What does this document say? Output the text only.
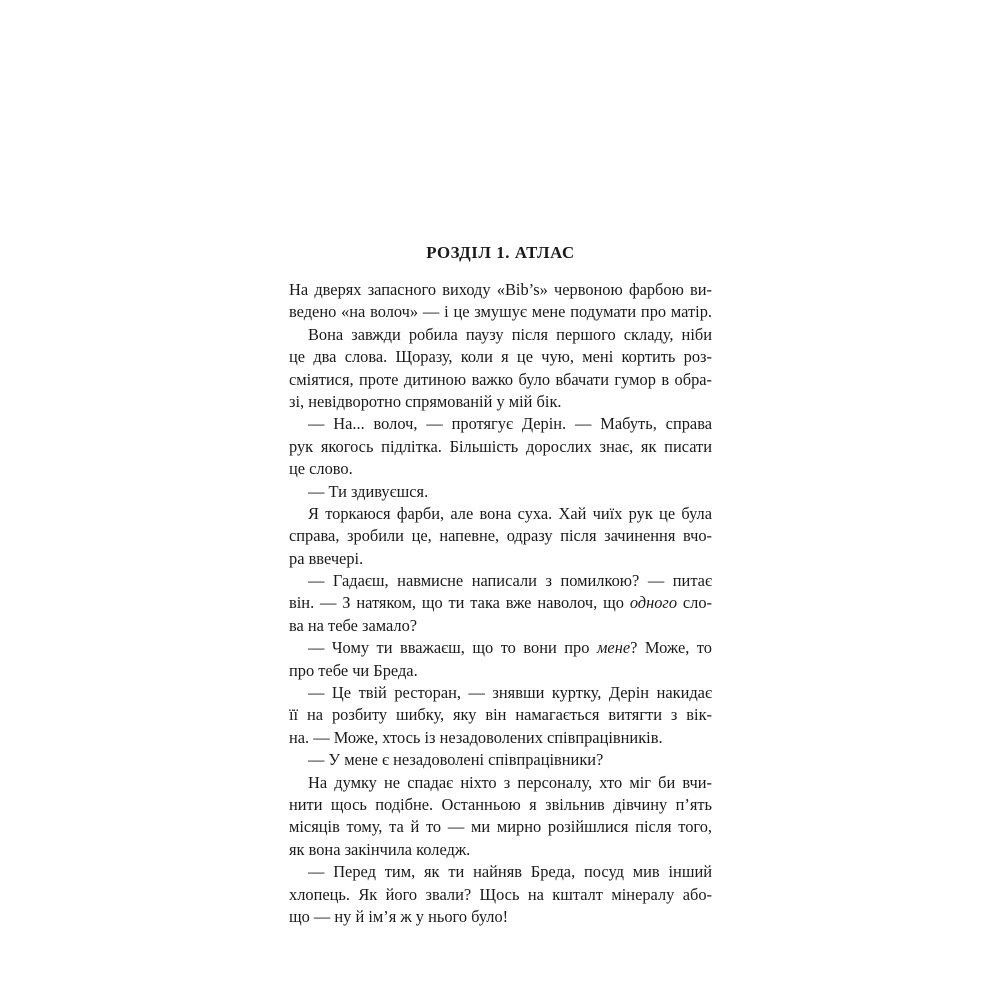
РОЗДІЛ 1. АТЛАС
На дверях запасного виходу «Bib’s» червоною фарбою ви-
ведено «на волоч» — і це змушує мене подумати про матір.
Вона завжди робила паузу після першого складу, ніби
це два слова. Щоразу, коли я це чую, мені кортить роз-
сміятися, проте дитиною важко було вбачати гумор в обра-
зі, невідворотно спрямованій у мій бік.
— На... волоч, — протягує Дерін. — Мабуть, справа
рук якогось підлітка. Більшість дорослих знає, як писати
це слово.
— Ти здивуєшся.
Я торкаюся фарби, але вона суха. Хай чиїх рук це була
справа, зробили це, напевне, одразу після зачинення вчо-
ра ввечері.
— Гадаєш, навмисне написали з помилкою? — питає
він. — З натяком, що ти така вже наволоч, що одного сло-
ва на тебе замало?
— Чому ти вважаєш, що то вони про мене? Може, то
про тебе чи Бреда.
— Це твій ресторан, — знявши куртку, Дерін накидає
її на розбиту шибку, яку він намагається витягти з вік-
на. — Може, хтось із незадоволених співпрацівників.
— У мене є незадоволені співпрацівники?
На думку не спадає ніхто з персоналу, хто міг би вчи-
нити щось подібне. Останньою я звільнив дівчину п’ять
місяців тому, та й то — ми мирно розійшлися після того,
як вона закінчила коледж.
— Перед тим, як ти найняв Бреда, посуд мив інший
хлопець. Як його звали? Щось на кшталт мінералу або-
що — ну й ім’я ж у нього було!
